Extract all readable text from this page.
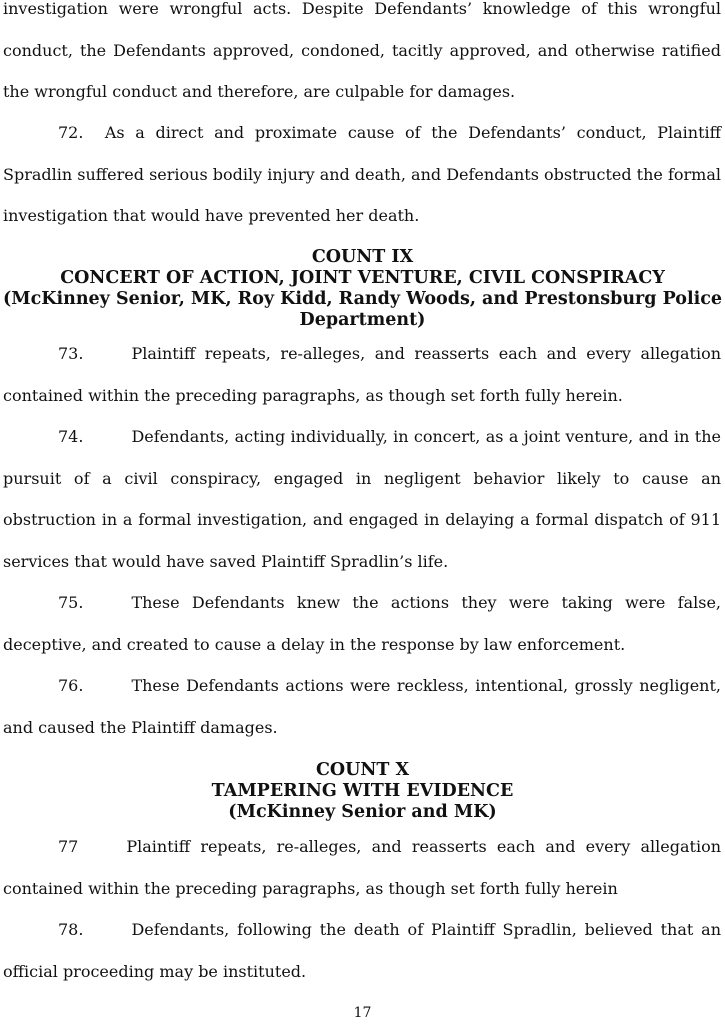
investigation were wrongful acts. Despite Defendants’ knowledge of this wrongful conduct, the Defendants approved, condoned, tacitly approved, and otherwise ratified the wrongful conduct and therefore, are culpable for damages.

72. As a direct and proximate cause of the Defendants’ conduct, Plaintiff Spradlin suffered serious bodily injury and death, and Defendants obstructed the formal investigation that would have prevented her death.

COUNT IX
CONCERT OF ACTION, JOINT VENTURE, CIVIL CONSPIRACY
(McKinney Senior, MK, Roy Kidd, Randy Woods, and Prestonsburg Police
Department)

73.	Plaintiff repeats, re-alleges, and reasserts each and every allegation contained within the preceding paragraphs, as though set forth fully herein.

74.	Defendants, acting individually, in concert, as a joint venture, and in the pursuit of a civil conspiracy, engaged in negligent behavior likely to cause an obstruction in a formal investigation, and engaged in delaying a formal dispatch of 911 services that would have saved Plaintiff Spradlin’s life.

75.	These Defendants knew the actions they were taking were false, deceptive, and created to cause a delay in the response by law enforcement.

76.	These Defendants actions were reckless, intentional, grossly negligent, and caused the Plaintiff damages.

COUNT X
TAMPERING WITH EVIDENCE
(McKinney Senior and MK)

77	Plaintiff repeats, re-alleges, and reasserts each and every allegation contained within the preceding paragraphs, as though set forth fully herein

78.	Defendants, following the death of Plaintiff Spradlin, believed that an official proceeding may be instituted.

17
